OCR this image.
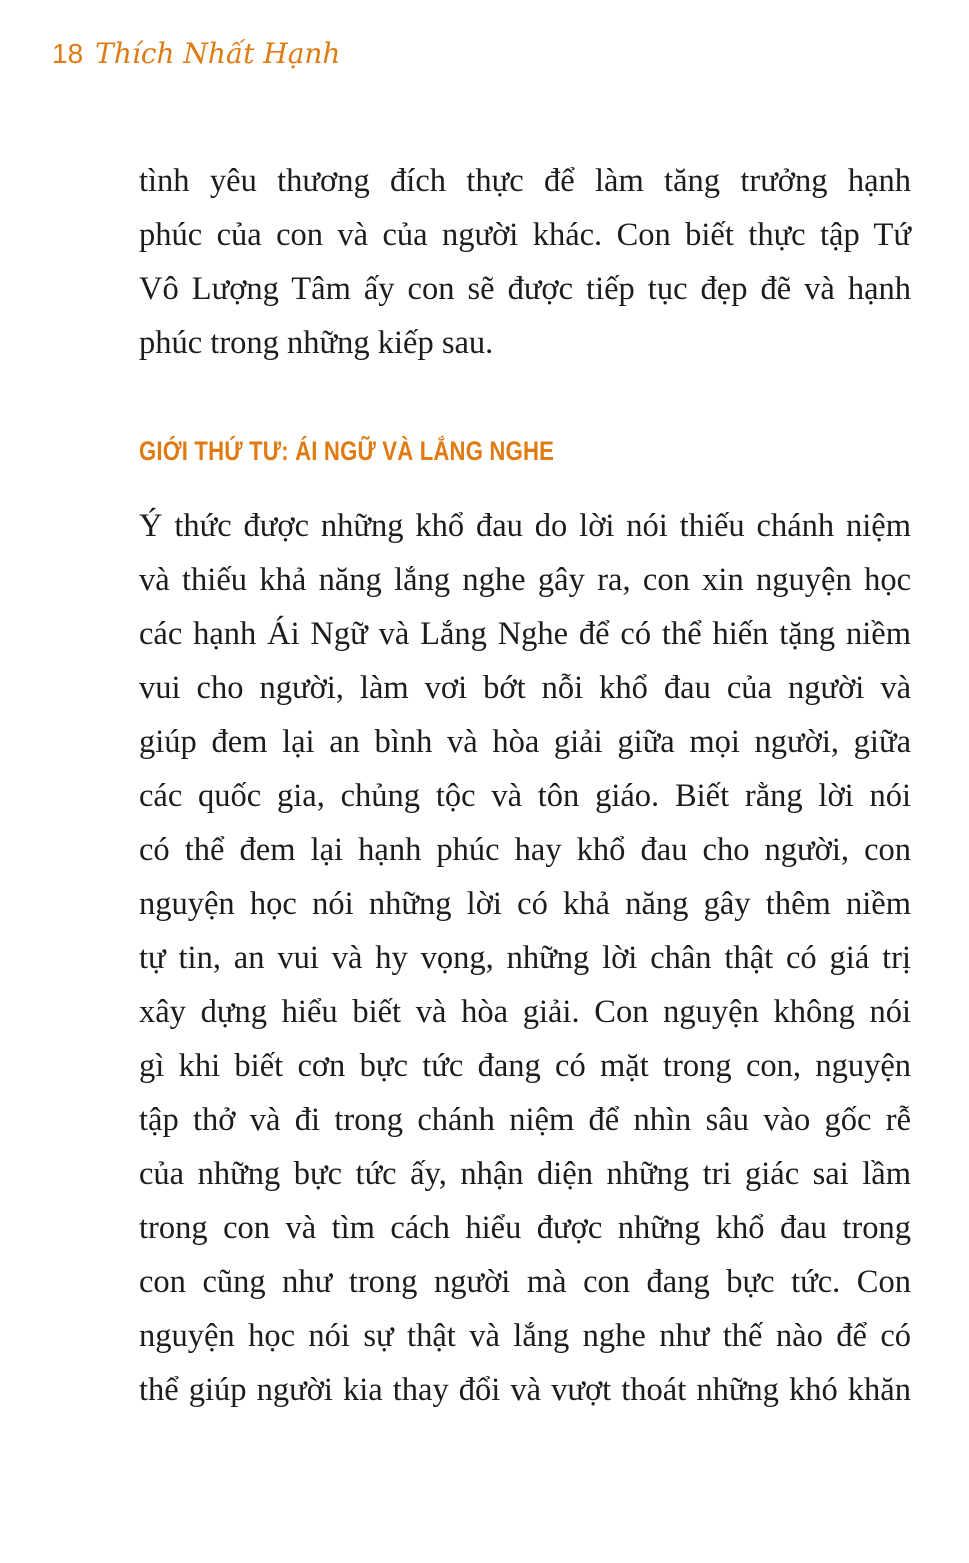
18 Thích Nhất Hạnh
tình yêu thương đích thực để làm tăng trưởng hạnh
phúc của con và của người khác. Con biết thực tập Tứ
Vô Lượng Tâm ấy con sẽ được tiếp tục đẹp đẽ và hạnh
phúc trong những kiếp sau.
GIỚI THỨ TƯ: ÁI NGỮ VÀ LẮNG NGHE
Ý thức được những khổ đau do lời nói thiếu chánh niệm
và thiếu khả năng lắng nghe gây ra, con xin nguyện học
các hạnh Ái Ngữ và Lắng Nghe để có thể hiến tặng niềm
vui cho người, làm vơi bớt nỗi khổ đau của người và
giúp đem lại an bình và hòa giải giữa mọi người, giữa
các quốc gia, chủng tộc và tôn giáo. Biết rằng lời nói
có thể đem lại hạnh phúc hay khổ đau cho người, con
nguyện học nói những lời có khả năng gây thêm niềm
tự tin, an vui và hy vọng, những lời chân thật có giá trị
xây dựng hiểu biết và hòa giải. Con nguyện không nói
gì khi biết cơn bực tức đang có mặt trong con, nguyện
tập thở và đi trong chánh niệm để nhìn sâu vào gốc rễ
của những bực tức ấy, nhận diện những tri giác sai lầm
trong con và tìm cách hiểu được những khổ đau trong
con cũng như trong người mà con đang bực tức. Con
nguyện học nói sự thật và lắng nghe như thế nào để có
thể giúp người kia thay đổi và vượt thoát những khó khăn
